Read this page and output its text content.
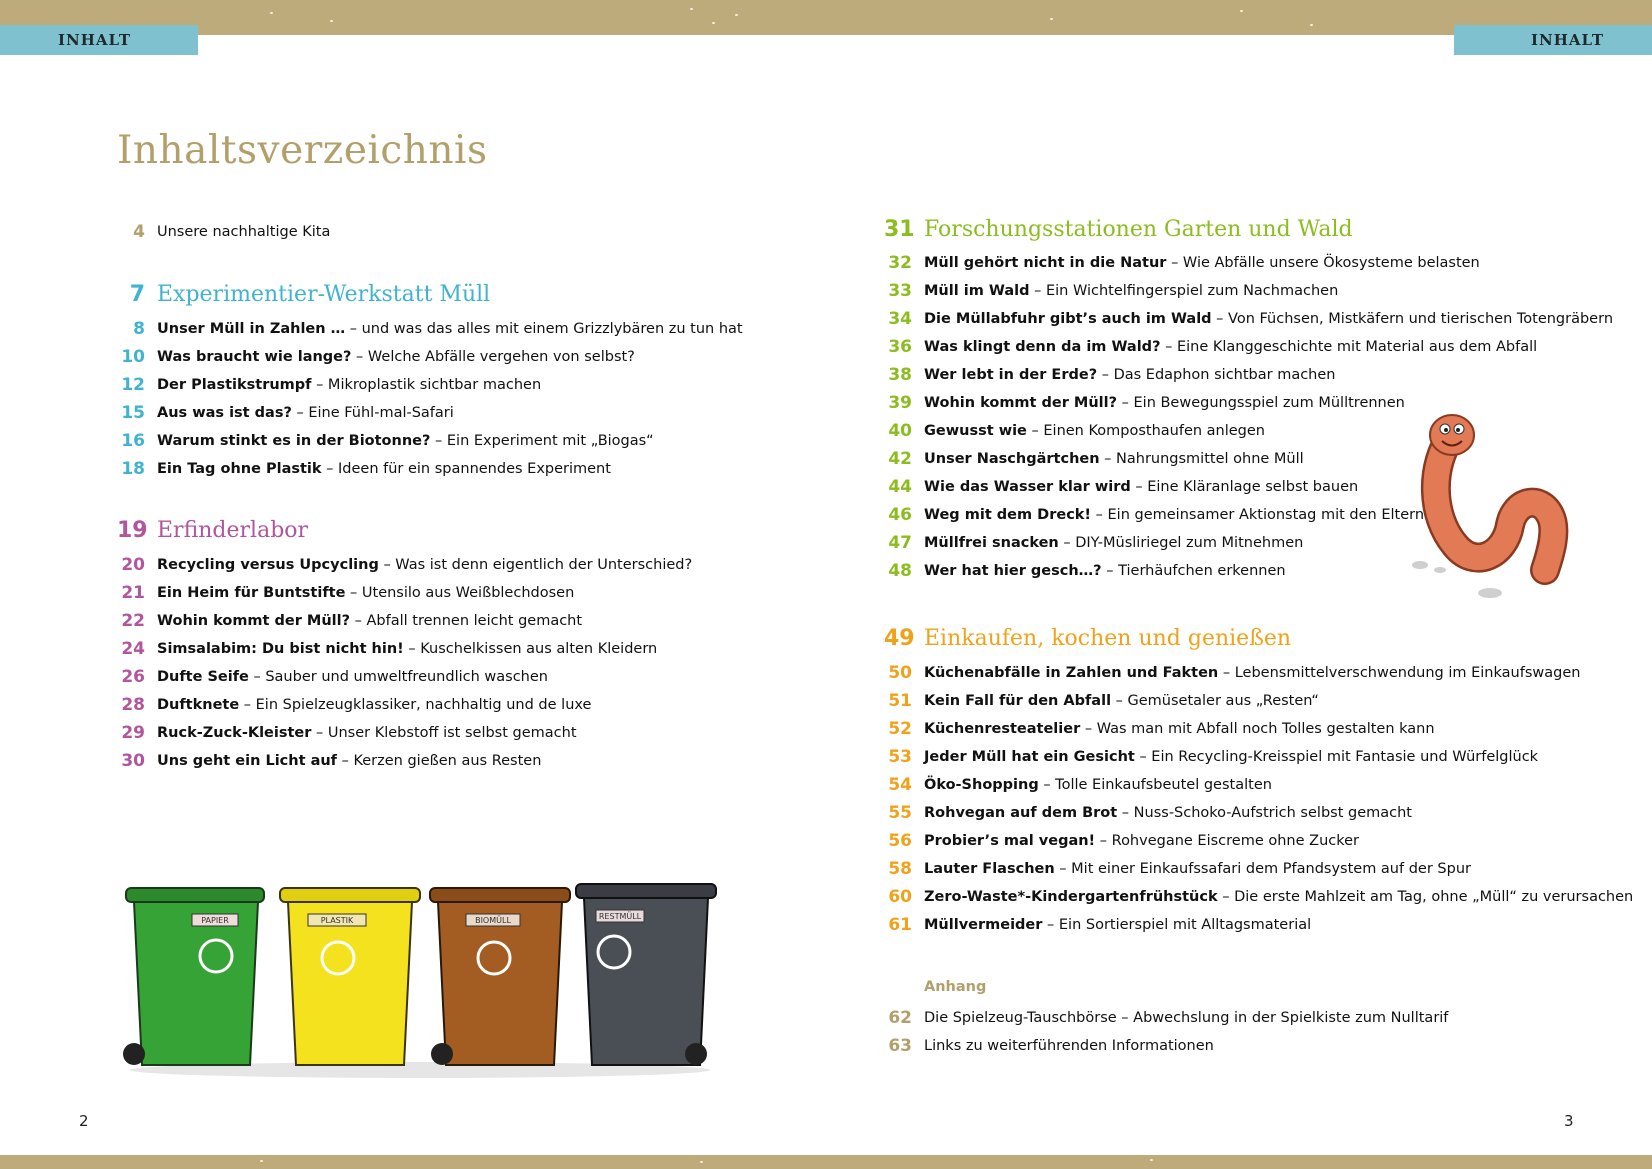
INHALT	INHALT
Inhaltsverzeichnis
4 Unsere nachhaltige Kita
7 Experimentier-Werkstatt Müll
8 Unser Müll in Zahlen … – und was das alles mit einem Grizzlybären zu tun hat
10 Was braucht wie lange? – Welche Abfälle vergehen von selbst?
12 Der Plastikstrumpf – Mikroplastik sichtbar machen
15 Aus was ist das? – Eine Fühl-mal-Safari
16 Warum stinkt es in der Biotonne? – Ein Experiment mit „Biogas“
18 Ein Tag ohne Plastik – Ideen für ein spannendes Experiment
19 Erfinderlabor
20 Recycling versus Upcycling – Was ist denn eigentlich der Unterschied?
21 Ein Heim für Buntstifte – Utensilo aus Weißblechdosen
22 Wohin kommt der Müll? – Abfall trennen leicht gemacht
24 Simsalabim: Du bist nicht hin! – Kuschelkissen aus alten Kleidern
26 Dufte Seife – Sauber und umweltfreundlich waschen
28 Duftknete – Ein Spielzeugklassiker, nachhaltig und de luxe
29 Ruck-Zuck-Kleister – Unser Klebstoff ist selbst gemacht
30 Uns geht ein Licht auf – Kerzen gießen aus Resten
PAPIER	PLASTIK	BIOMÜLL	RESTMÜLL
31 Forschungsstationen Garten und Wald
32 Müll gehört nicht in die Natur – Wie Abfälle unsere Ökosysteme belasten
33 Müll im Wald – Ein Wichtelfingerspiel zum Nachmachen
34 Die Müllabfuhr gibt’s auch im Wald – Von Füchsen, Mistkäfern und tierischen Totengräbern
36 Was klingt denn da im Wald? – Eine Klanggeschichte mit Material aus dem Abfall
38 Wer lebt in der Erde? – Das Edaphon sichtbar machen
39 Wohin kommt der Müll? – Ein Bewegungsspiel zum Mülltrennen
40 Gewusst wie – Einen Komposthaufen anlegen
42 Unser Naschgärtchen – Nahrungsmittel ohne Müll
44 Wie das Wasser klar wird – Eine Kläranlage selbst bauen
46 Weg mit dem Dreck! – Ein gemeinsamer Aktionstag mit den Eltern
47 Müllfrei snacken – DIY-Müsliriegel zum Mitnehmen
48 Wer hat hier gesch…? – Tierhäufchen erkennen
49 Einkaufen, kochen und genießen
50 Küchenabfälle in Zahlen und Fakten – Lebensmittelverschwendung im Einkaufswagen
51 Kein Fall für den Abfall – Gemüsetaler aus „Resten“
52 Küchenresteatelier – Was man mit Abfall noch Tolles gestalten kann
53 Jeder Müll hat ein Gesicht – Ein Recycling-Kreisspiel mit Fantasie und Würfelglück
54 Öko-Shopping – Tolle Einkaufsbeutel gestalten
55 Rohvegan auf dem Brot – Nuss-Schoko-Aufstrich selbst gemacht
56 Probier’s mal vegan! – Rohvegane Eiscreme ohne Zucker
58 Lauter Flaschen – Mit einer Einkaufssafari dem Pfandsystem auf der Spur
60 Zero-Waste*-Kindergartenfrühstück – Die erste Mahlzeit am Tag, ohne „Müll“ zu verursachen
61 Müllvermeider – Ein Sortierspiel mit Alltagsmaterial
Anhang
62 Die Spielzeug-Tauschbörse – Abwechslung in der Spielkiste zum Nulltarif
63 Links zu weiterführenden Informationen
2	3
